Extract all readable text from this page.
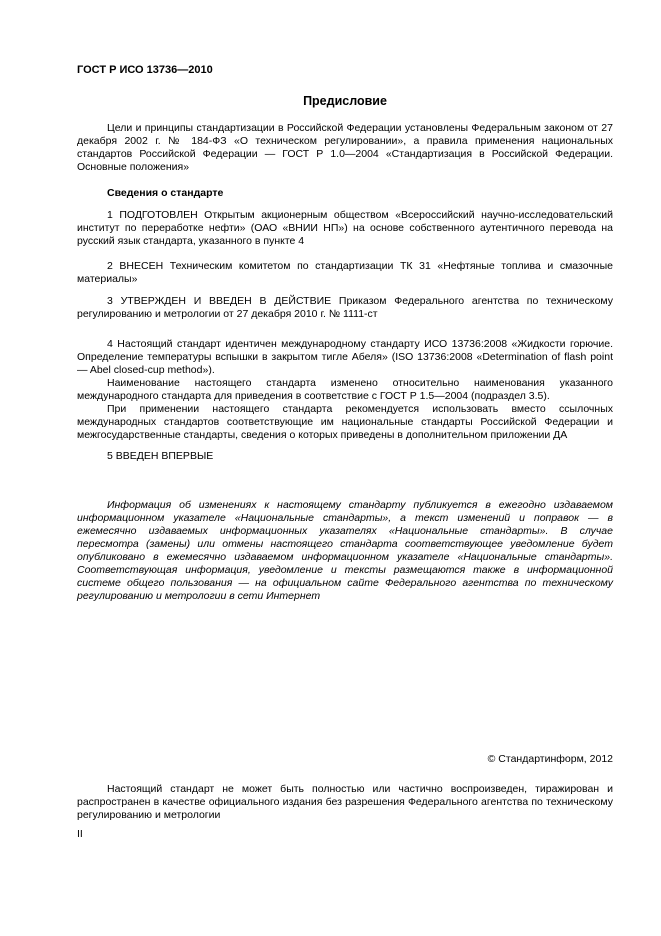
ГОСТ Р ИСО 13736—2010
Предисловие
Цели и принципы стандартизации в Российской Федерации установлены Федеральным законом от 27 декабря 2002 г. № 184-ФЗ «О техническом регулировании», а правила применения национальных стандартов Российской Федерации — ГОСТ Р 1.0—2004 «Стандартизация в Российской Федерации. Основные положения»
Сведения о стандарте
1 ПОДГОТОВЛЕН Открытым акционерным обществом «Всероссийский научно-исследовательский институт по переработке нефти» (ОАО «ВНИИ НП») на основе собственного аутентичного перевода на русский язык стандарта, указанного в пункте 4
2 ВНЕСЕН Техническим комитетом по стандартизации ТК 31 «Нефтяные топлива и смазочные материалы»
3 УТВЕРЖДЕН И ВВЕДЕН В ДЕЙСТВИЕ Приказом Федерального агентства по техническому регулированию и метрологии от 27 декабря 2010 г. № 1111-ст
4 Настоящий стандарт идентичен международному стандарту ИСО 13736:2008 «Жидкости горючие. Определение температуры вспышки в закрытом тигле Абеля» (ISO 13736:2008 «Determination of flash point — Abel closed-cup method»).
Наименование настоящего стандарта изменено относительно наименования указанного международного стандарта для приведения в соответствие с ГОСТ Р 1.5—2004 (подраздел 3.5).
При применении настоящего стандарта рекомендуется использовать вместо ссылочных международных стандартов соответствующие им национальные стандарты Российской Федерации и межгосударственные стандарты, сведения о которых приведены в дополнительном приложении ДА
5 ВВЕДЕН ВПЕРВЫЕ
Информация об изменениях к настоящему стандарту публикуется в ежегодно издаваемом информационном указателе «Национальные стандарты», а текст изменений и поправок — в ежемесячно издаваемых информационных указателях «Национальные стандарты». В случае пересмотра (замены) или отмены настоящего стандарта соответствующее уведомление будет опубликовано в ежемесячно издаваемом информационном указателе «Национальные стандарты». Соответствующая информация, уведомление и тексты размещаются также в информационной системе общего пользования — на официальном сайте Федерального агентства по техническому регулированию и метрологии в сети Интернет
© Стандартинформ, 2012
Настоящий стандарт не может быть полностью или частично воспроизведен, тиражирован и распространен в качестве официального издания без разрешения Федерального агентства по техническому регулированию и метрологии
II
